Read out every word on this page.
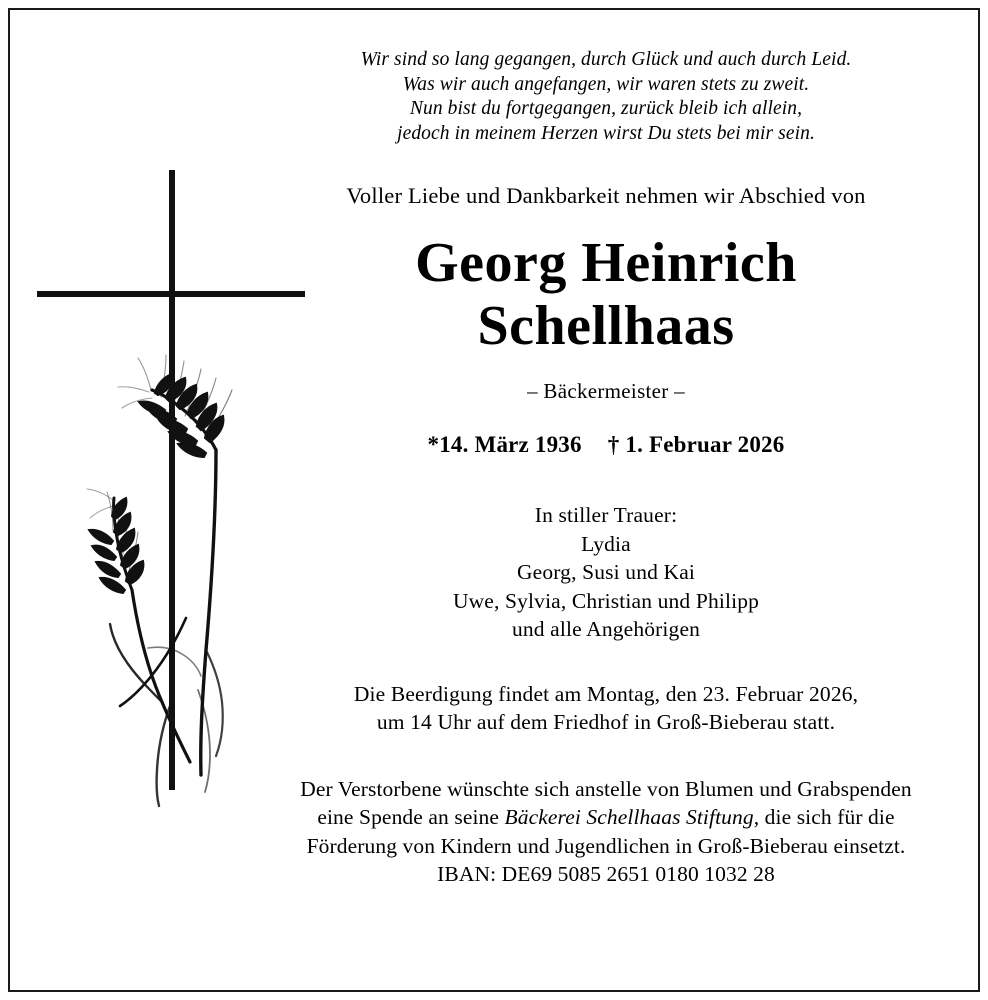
Wir sind so lang gegangen, durch Glück und auch durch Leid.
Was wir auch angefangen, wir waren stets zu zweit.
Nun bist du fortgegangen, zurück bleib ich allein,
jedoch in meinem Herzen wirst Du stets bei mir sein.
Voller Liebe und Dankbarkeit nehmen wir Abschied von
Georg Heinrich
Schellhaas
– Bäckermeister –
*14. März 1936 † 1. Februar 2026
In stiller Trauer:
Lydia
Georg, Susi und Kai
Uwe, Sylvia, Christian und Philipp
und alle Angehörigen
Die Beerdigung findet am Montag, den 23. Februar 2026,
um 14 Uhr auf dem Friedhof in Groß-Bieberau statt.
Der Verstorbene wünschte sich anstelle von Blumen und Grabspenden
eine Spende an seine Bäckerei Schellhaas Stiftung, die sich für die
Förderung von Kindern und Jugendlichen in Groß-Bieberau einsetzt.
IBAN: DE69 5085 2651 0180 1032 28
